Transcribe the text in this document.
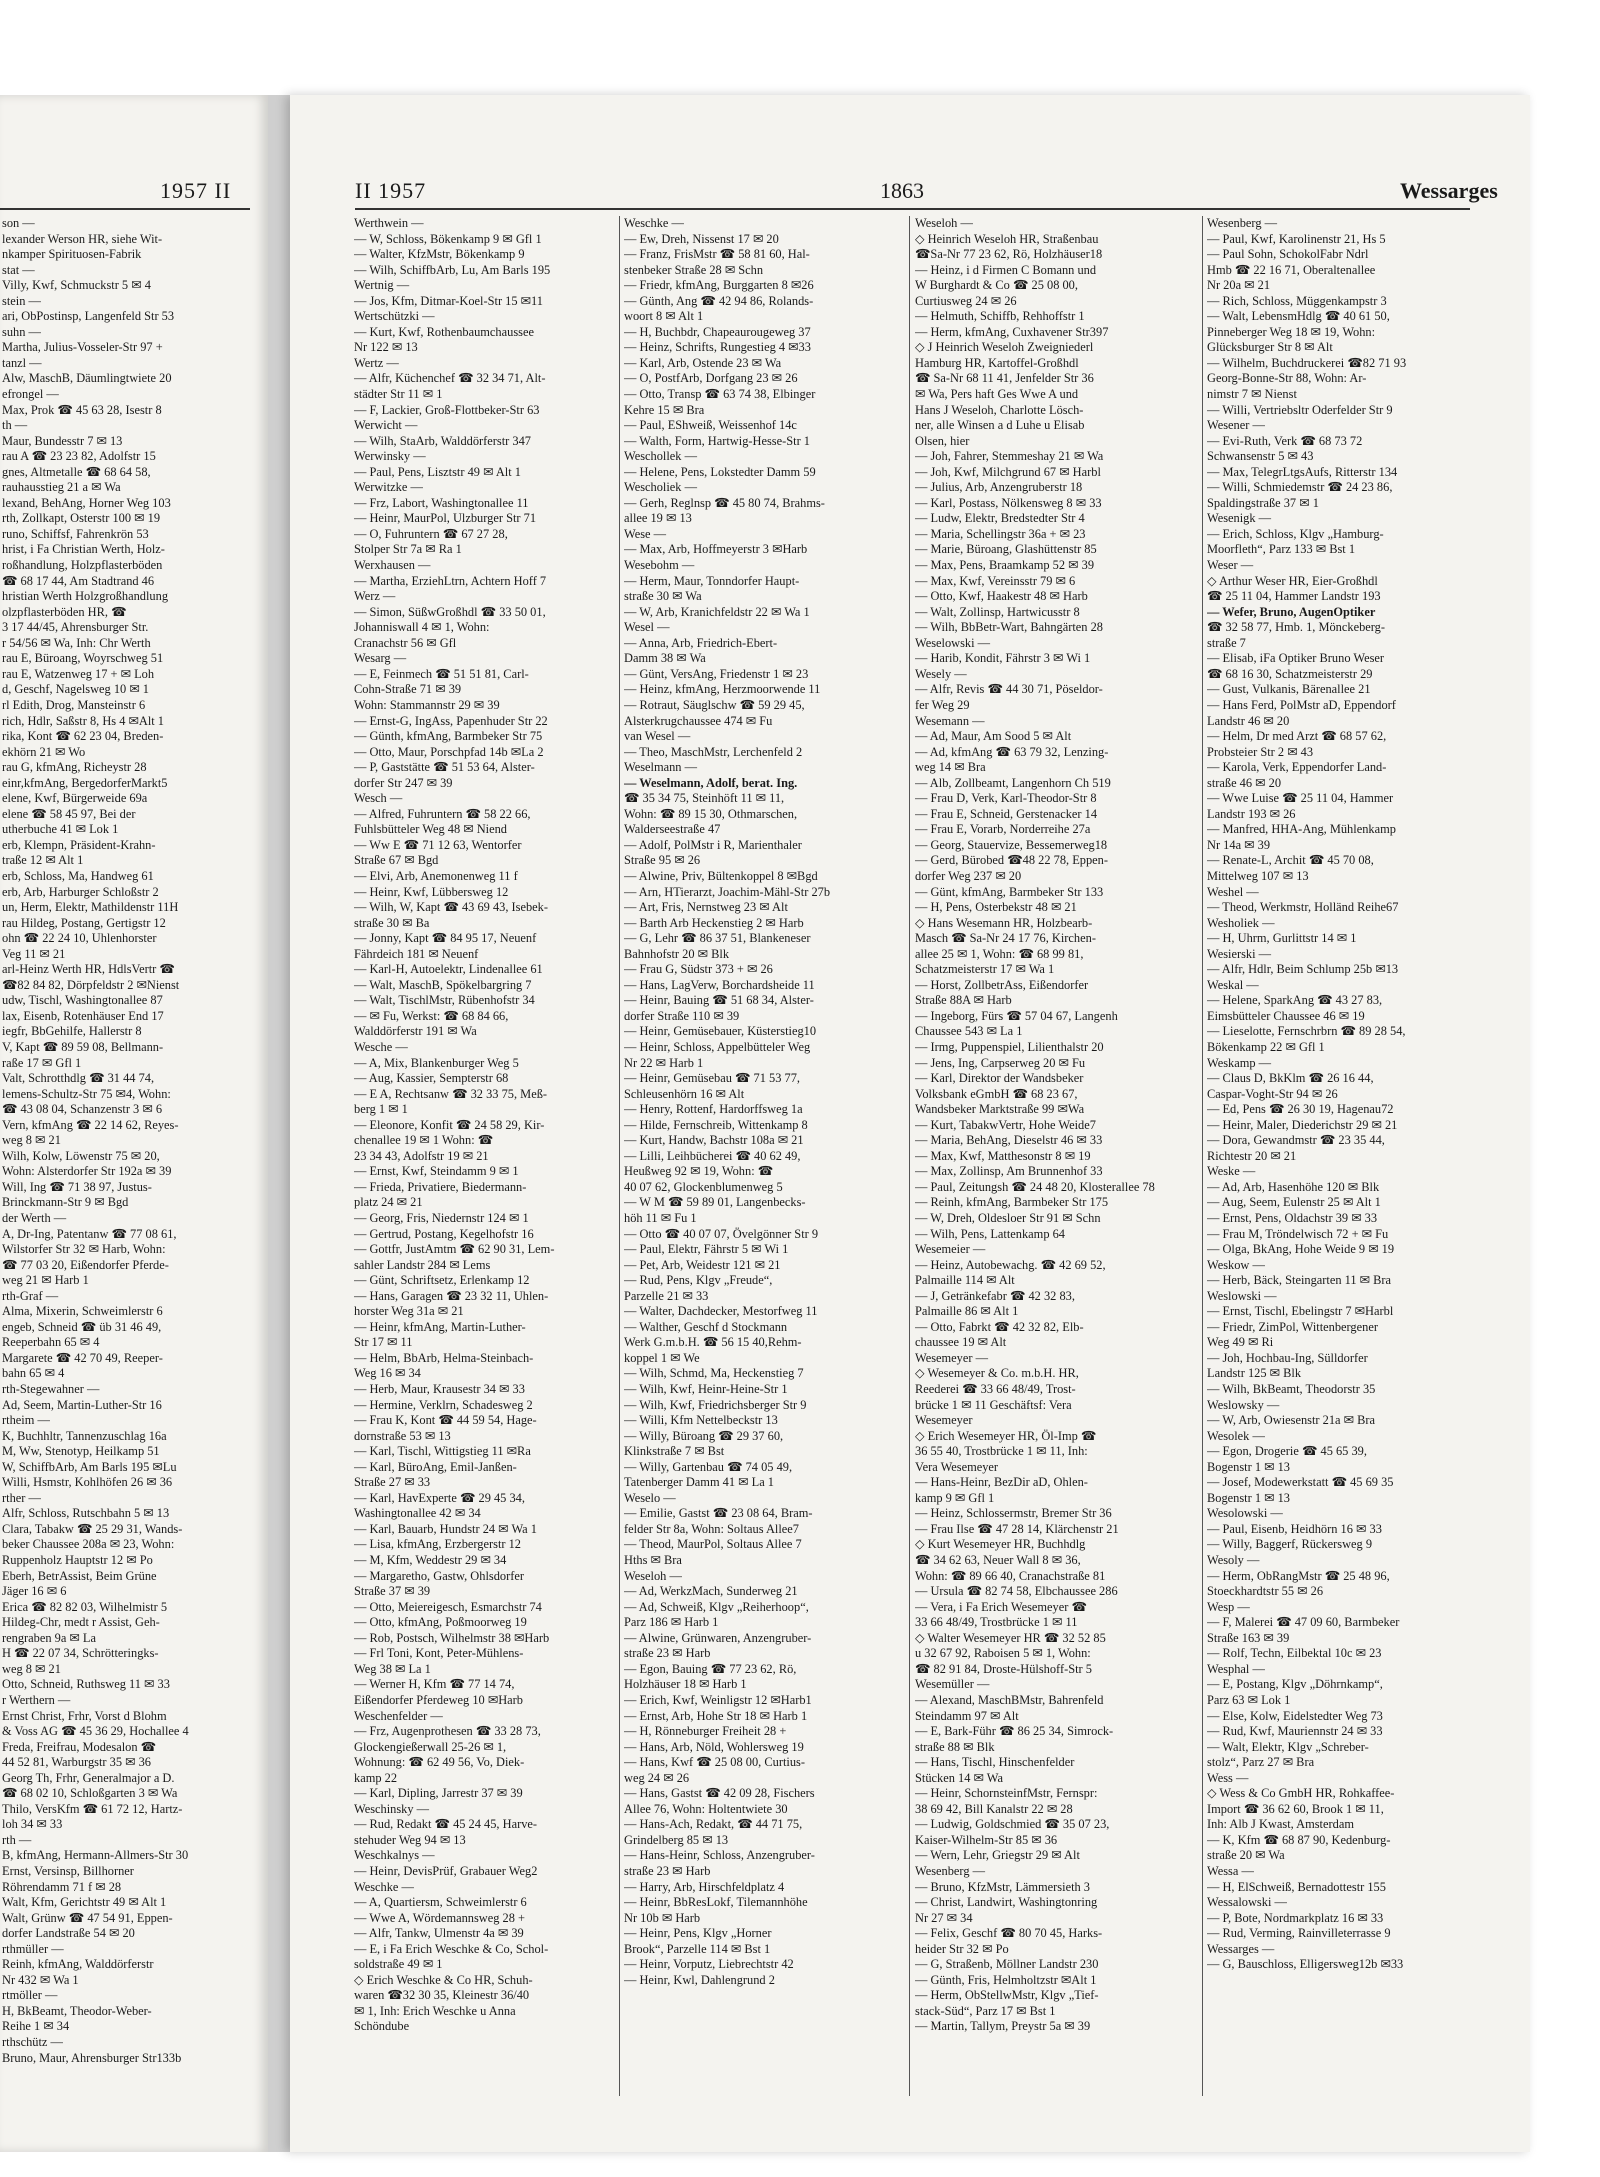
1957 II	II 1957	1863	Wessarges
son —
lexander Werson HR, siehe Wit-
nkamper Spirituosen-Fabrik
stat —
Villy, Kwf, Schmuckstr 5 ✉ 4
stein —
ari, ObPostinsp, Langenfeld Str 53
suhn —
Martha, Julius-Vosseler-Str 97 +
tanzl —
Alw, MaschB, Däumlingtwiete 20
efrongel —
Max, Prok ☎ 45 63 28, Isestr 8
th —
Maur, Bundesstr 7 ✉ 13
rau A ☎ 23 23 82, Adolfstr 15
gnes, Altmetalle ☎ 68 64 58,
rauhausstieg 21 a ✉ Wa
lexand, BehAng, Horner Weg 103
rth, Zollkapt, Osterstr 100 ✉ 19
runo, Schiffsf, Fahrenkrön 53
hrist, i Fa Christian Werth, Holz-
roßhandlung, Holzpflasterböden
☎ 68 17 44, Am Stadtrand 46
hristian Werth Holzgroßhandlung
olzpflasterböden HR, ☎
3 17 44/45, Ahrensburger Str.
r 54/56 ✉ Wa, Inh: Chr Werth
rau E, Büroang, Woyrschweg 51
rau E, Watzenweg 17 + ✉ Loh
d, Geschf, Nagelsweg 10 ✉ 1
rl Edith, Drog, Mansteinstr 6
rich, Hdlr, Saßstr 8, Hs 4 ✉Alt 1
rika, Kont ☎ 62 23 04, Breden-
ekhörn 21 ✉ Wo
rau G, kfmAng, Richeystr 28
einr,kfmAng, BergedorferMarkt5
elene, Kwf, Bürgerweide 69a
elene ☎ 58 45 97, Bei der
utherbuche 41 ✉ Lok 1
erb, Klempn, Präsident-Krahn-
traße 12 ✉ Alt 1
erb, Schloss, Ma, Handweg 61
erb, Arb, Harburger Schloßstr 2
un, Herm, Elektr, Mathildenstr 11H
rau Hildeg, Postang, Gertigstr 12
ohn ☎ 22 24 10, Uhlenhorster
Veg 11 ✉ 21
arl-Heinz Werth HR, HdlsVertr ☎
☎82 84 82, Dörpfeldstr 2 ✉Nienst
udw, Tischl, Washingtonallee 87
lax, Eisenb, Rotenhäuser End 17
iegfr, BbGehilfe, Hallerstr 8
V, Kapt ☎ 89 59 08, Bellmann-
raße 17 ✉ Gfl 1
Valt, Schrotthdlg ☎ 31 44 74,
lemens-Schultz-Str 75 ✉4, Wohn:
☎ 43 08 04, Schanzenstr 3 ✉ 6
Vern, kfmAng ☎ 22 14 62, Reyes-
weg 8 ✉ 21
Wilh, Kolw, Löwenstr 75 ✉ 20,
Wohn: Alsterdorfer Str 192a ✉ 39
Will, Ing ☎ 71 38 97, Justus-
Brinckmann-Str 9 ✉ Bgd
der Werth —
A, Dr-Ing, Patentanw ☎ 77 08 61,
Wilstorfer Str 32 ✉ Harb, Wohn:
☎ 77 03 20, Eißendorfer Pferde-
weg 21 ✉ Harb 1
rth-Graf —
Alma, Mixerin, Schweimlerstr 6
engeb, Schneid ☎ üb 31 46 49,
Reeperbahn 65 ✉ 4
Margarete ☎ 42 70 49, Reeper-
bahn 65 ✉ 4
rth-Stegewahner —
Ad, Seem, Martin-Luther-Str 16
rtheim —
K, Buchhltr, Tannenzuschlag 16a
M, Ww, Stenotyp, Heilkamp 51
W, SchiffbArb, Am Barls 195 ✉Lu
Willi, Hsmstr, Kohlhöfen 26 ✉ 36
rther —
Alfr, Schloss, Rutschbahn 5 ✉ 13
Clara, Tabakw ☎ 25 29 31, Wands-
beker Chaussee 208a ✉ 23, Wohn:
Ruppenholz Hauptstr 12 ✉ Po
Eberh, BetrAssist, Beim Grüne
Jäger 16 ✉ 6
Erica ☎ 82 82 03, Wilhelmistr 5
Hildeg-Chr, medt r Assist, Geh-
rengraben 9a ✉ La
H ☎ 22 07 34, Schrötteringks-
weg 8 ✉ 21
Otto, Schneid, Ruthsweg 11 ✉ 33
r Werthern —
Ernst Christ, Frhr, Vorst d Blohm
& Voss AG ☎ 45 36 29, Hochallee 4
Freda, Freifrau, Modesalon ☎
44 52 81, Warburgstr 35 ✉ 36
Georg Th, Frhr, Generalmajor a D.
☎ 68 02 10, Schloßgarten 3 ✉ Wa
Thilo, VersKfm ☎ 61 72 12, Hartz-
loh 34 ✉ 33
rth —
B, kfmAng, Hermann-Allmers-Str 30
Ernst, Versinsp, Billhorner
Röhrendamm 71 f ✉ 28
Walt, Kfm, Gerichtstr 49 ✉ Alt 1
Walt, Grünw ☎ 47 54 91, Eppen-
dorfer Landstraße 54 ✉ 20
rthmüller —
Reinh, kfmAng, Walddörferstr
Nr 432 ✉ Wa 1
rtmöller —
H, BkBeamt, Theodor-Weber-
Reihe 1 ✉ 34
rthschütz —
Bruno, Maur, Ahrensburger Str133b
Werthwein —
— W, Schloss, Bökenkamp 9 ✉ Gfl 1
— Walter, KfzMstr, Bökenkamp 9
— Wilh, SchiffbArb, Lu, Am Barls 195
Wertnig —
— Jos, Kfm, Ditmar-Koel-Str 15 ✉11
Wertschützki —
— Kurt, Kwf, Rothenbaumchaussee
Nr 122 ✉ 13
Wertz —
— Alfr, Küchenchef ☎ 32 34 71, Alt-
städter Str 11 ✉ 1
— F, Lackier, Groß-Flottbeker-Str 63
Werwicht —
— Wilh, StaArb, Walddörferstr 347
Werwinsky —
— Paul, Pens, Lisztstr 49 ✉ Alt 1
Werwitzke —
— Frz, Labort, Washingtonallee 11
— Heinr, MaurPol, Ulzburger Str 71
— O, Fuhruntern ☎ 67 27 28,
Stolper Str 7a ✉ Ra 1
Werxhausen —
— Martha, ErziehLtrn, Achtern Hoff 7
Werz —
— Simon, SüßwGroßhdl ☎ 33 50 01,
Johanniswall 4 ✉ 1, Wohn:
Cranachstr 56 ✉ Gfl
Wesarg —
— E, Feinmech ☎ 51 51 81, Carl-
Cohn-Straße 71 ✉ 39
Wohn: Stammannstr 29 ✉ 39
— Ernst-G, IngAss, Papenhuder Str 22
— Günth, kfmAng, Barmbeker Str 75
— Otto, Maur, Porschpfad 14b ✉La 2
— P, Gaststätte ☎ 51 53 64, Alster-
dorfer Str 247 ✉ 39
Wesch —
— Alfred, Fuhruntern ☎ 58 22 66,
Fuhlsbütteler Weg 48 ✉ Niend
— Ww E ☎ 71 12 63, Wentorfer
Straße 67 ✉ Bgd
— Elvi, Arb, Anemonenweg 11 f
— Heinr, Kwf, Lübbersweg 12
— Wilh, W, Kapt ☎ 43 69 43, Isebek-
straße 30 ✉ Ba
— Jonny, Kapt ☎ 84 95 17, Neuenf
Fährdeich 181 ✉ Neuenf
— Karl-H, Autoelektr, Lindenallee 61
— Walt, MaschB, Spökelbargring 7
— Walt, TischlMstr, Rübenhofstr 34
— ✉ Fu, Werkst: ☎ 68 84 66,
Walddörferstr 191 ✉ Wa
Wesche —
— A, Mix, Blankenburger Weg 5
— Aug, Kassier, Sempterstr 68
— E A, Rechtsanw ☎ 32 33 75, Meß-
berg 1 ✉ 1
— Eleonore, Konfit ☎ 24 58 29, Kir-
chenallee 19 ✉ 1 Wohn: ☎
23 34 43, Adolfstr 19 ✉ 21
— Ernst, Kwf, Steindamm 9 ✉ 1
— Frieda, Privatiere, Biedermann-
platz 24 ✉ 21
— Georg, Fris, Niedernstr 124 ✉ 1
— Gertrud, Postang, Kegelhofstr 16
— Gottfr, JustAmtm ☎ 62 90 31, Lem-
sahler Landstr 284 ✉ Lems
— Günt, Schriftsetz, Erlenkamp 12
— Hans, Garagen ☎ 23 32 11, Uhlen-
horster Weg 31a ✉ 21
— Heinr, kfmAng, Martin-Luther-
Str 17 ✉ 11
— Helm, BbArb, Helma-Steinbach-
Weg 16 ✉ 34
— Herb, Maur, Krausestr 34 ✉ 33
— Hermine, Verklrn, Schadesweg 2
— Frau K, Kont ☎ 44 59 54, Hage-
dornstraße 53 ✉ 13
— Karl, Tischl, Wittigstieg 11 ✉Ra
— Karl, BüroAng, Emil-Janßen-
Straße 27 ✉ 33
— Karl, HavExperte ☎ 29 45 34,
Washingtonallee 42 ✉ 34
— Karl, Bauarb, Hundstr 24 ✉ Wa 1
— Lisa, kfmAng, Erzbergerstr 12
— M, Kfm, Weddestr 29 ✉ 34
— Margaretho, Gastw, Ohlsdorfer
Straße 37 ✉ 39
— Otto, Meiereigesch, Esmarchstr 74
— Otto, kfmAng, Poßmoorweg 19
— Rob, Postsch, Wilhelmstr 38 ✉Harb
— Frl Toni, Kont, Peter-Mühlens-
Weg 38 ✉ La 1
— Werner H, Kfm ☎ 77 14 74,
Eißendorfer Pferdeweg 10 ✉Harb
Weschenfelder —
— Frz, Augenprothesen ☎ 33 28 73,
Glockengießerwall 25-26 ✉ 1,
Wohnung: ☎ 62 49 56, Vo, Diek-
kamp 22
— Karl, Dipling, Jarrestr 37 ✉ 39
Weschinsky —
— Rud, Redakt ☎ 45 24 45, Harve-
stehuder Weg 94 ✉ 13
Weschkalnys —
— Heinr, DevisPrüf, Grabauer Weg2
Weschke —
— A, Quartiersm, Schweimlerstr 6
— Wwe A, Wördemannsweg 28 +
— Alfr, Tankw, Ulmenstr 4a ✉ 39
— E, i Fa Erich Weschke & Co, Schol-
soldstraße 49 ✉ 1
◇ Erich Weschke & Co HR, Schuh-
waren ☎32 30 35, Kleinestr 36/40
✉ 1, Inh: Erich Weschke u Anna
Schöndube
Weschke —
— Ew, Dreh, Nissenst 17 ✉ 20
— Franz, FrisMstr ☎ 58 81 60, Hal-
stenbeker Straße 28 ✉ Schn
— Friedr, kfmAng, Burggarten 8 ✉26
— Günth, Ang ☎ 42 94 86, Rolands-
woort 8 ✉ Alt 1
— H, Buchbdr, Chapeaurougeweg 37
— Heinz, Schrifts, Rungestieg 4 ✉33
— Karl, Arb, Ostende 23 ✉ Wa
— O, PostfArb, Dorfgang 23 ✉ 26
— Otto, Transp ☎ 63 74 38, Elbinger
Kehre 15 ✉ Bra
— Paul, EShweiß, Weissenhof 14c
— Walth, Form, Hartwig-Hesse-Str 1
Weschollek —
— Helene, Pens, Lokstedter Damm 59
Wescholiek —
— Gerh, Reglnsp ☎ 45 80 74, Brahms-
allee 19 ✉ 13
Wese —
— Max, Arb, Hoffmeyerstr 3 ✉Harb
Wesebohm —
— Herm, Maur, Tonndorfer Haupt-
straße 30 ✉ Wa
— W, Arb, Kranichfeldstr 22 ✉ Wa 1
Wesel —
— Anna, Arb, Friedrich-Ebert-
Damm 38 ✉ Wa
— Günt, VersAng, Friedenstr 1 ✉ 23
— Heinz, kfmAng, Herzmoorwende 11
— Rotraut, Säuglschw ☎ 59 29 45,
Alsterkrugchaussee 474 ✉ Fu
van Wesel —
— Theo, MaschMstr, Lerchenfeld 2
Weselmann —
— Weselmann, Adolf, berat. Ing.
☎ 35 34 75, Steinhöft 11 ✉ 11,
Wohn: ☎ 89 15 30, Othmarschen,
Walderseestraße 47
— Adolf, PolMstr i R, Marienthaler
Straße 95 ✉ 26
— Alwine, Priv, Bültenkoppel 8 ✉Bgd
— Arn, HTierarzt, Joachim-Mähl-Str 27b
— Art, Fris, Nernstweg 23 ✉ Alt
— Barth Arb Heckenstieg 2 ✉ Harb
— G, Lehr ☎ 86 37 51, Blankeneser
Bahnhofstr 20 ✉ Blk
— Frau G, Südstr 373 + ✉ 26
— Hans, LagVerw, Borchardsheide 11
— Heinr, Bauing ☎ 51 68 34, Alster-
dorfer Straße 110 ✉ 39
— Heinr, Gemüsebauer, Küsterstieg10
— Heinr, Schloss, Appelbütteler Weg
Nr 22 ✉ Harb 1
— Heinr, Gemüsebau ☎ 71 53 77,
Schleusenhörn 16 ✉ Alt
— Henry, Rottenf, Hardorffsweg 1a
— Hilde, Fernschreib, Wittenkamp 8
— Kurt, Handw, Bachstr 108a ✉ 21
— Lilli, Leihbücherei ☎ 40 62 49,
Heußweg 92 ✉ 19, Wohn: ☎
40 07 62, Glockenblumenweg 5
— W M ☎ 59 89 01, Langenbecks-
höh 11 ✉ Fu 1
— Otto ☎ 40 07 07, Övelgönner Str 9
— Paul, Elektr, Fährstr 5 ✉ Wi 1
— Pet, Arb, Weidestr 121 ✉ 21
— Rud, Pens, Klgv „Freude“,
Parzelle 21 ✉ 33
— Walter, Dachdecker, Mestorfweg 11
— Walther, Geschf d Stockmann
Werk G.m.b.H. ☎ 56 15 40,Rehm-
koppel 1 ✉ We
— Wilh, Schmd, Ma, Heckenstieg 7
— Wilh, Kwf, Heinr-Heine-Str 1
— Wilh, Kwf, Friedrichsberger Str 9
— Willi, Kfm Nettelbeckstr 13
— Willy, Büroang ☎ 29 37 60,
Klinkstraße 7 ✉ Bst
— Willy, Gartenbau ☎ 74 05 49,
Tatenberger Damm 41 ✉ La 1
Weselo —
— Emilie, Gastst ☎ 23 08 64, Bram-
felder Str 8a, Wohn: Soltaus Allee7
— Theod, MaurPol, Soltaus Allee 7
Hths ✉ Bra
Weseloh —
— Ad, WerkzMach, Sunderweg 21
— Ad, Schweiß, Klgv „Reiherhoop“,
Parz 186 ✉ Harb 1
— Alwine, Grünwaren, Anzengruber-
straße 23 ✉ Harb
— Egon, Bauing ☎ 77 23 62, Rö,
Holzhäuser 18 ✉ Harb 1
— Erich, Kwf, Weinligstr 12 ✉Harb1
— Ernst, Arb, Hohe Str 18 ✉ Harb 1
— H, Rönneburger Freiheit 28 +
— Hans, Arb, Nöld, Wohlersweg 19
— Hans, Kwf ☎ 25 08 00, Curtius-
weg 24 ✉ 26
— Hans, Gastst ☎ 42 09 28, Fischers
Allee 76, Wohn: Holtentwiete 30
— Hans-Ach, Redakt, ☎ 44 71 75,
Grindelberg 85 ✉ 13
— Hans-Heinr, Schloss, Anzengruber-
straße 23 ✉ Harb
— Harry, Arb, Hirschfeldplatz 4
— Heinr, BbResLokf, Tilemannhöhe
Nr 10b ✉ Harb
— Heinr, Pens, Klgv „Horner
Brook“, Parzelle 114 ✉ Bst 1
— Heinr, Vorputz, Liebrechtstr 42
— Heinr, Kwl, Dahlengrund 2
Weseloh —
◇ Heinrich Weseloh HR, Straßenbau
☎Sa-Nr 77 23 62, Rö, Holzhäuser18
— Heinz, i d Firmen C Bomann und
W Burghardt & Co ☎ 25 08 00,
Curtiusweg 24 ✉ 26
— Helmuth, Schiffb, Rehhoffstr 1
— Herm, kfmAng, Cuxhavener Str397
◇ J Heinrich Weseloh Zweigniederl
Hamburg HR, Kartoffel-Großhdl
☎ Sa-Nr 68 11 41, Jenfelder Str 36
✉ Wa, Pers haft Ges Wwe A und
Hans J Weseloh, Charlotte Lösch-
ner, alle Winsen a d Luhe u Elisab
Olsen, hier
— Joh, Fahrer, Stemmeshay 21 ✉ Wa
— Joh, Kwf, Milchgrund 67 ✉ Harbl
— Julius, Arb, Anzengruberstr 18
— Karl, Postass, Nölkensweg 8 ✉ 33
— Ludw, Elektr, Bredstedter Str 4
— Maria, Schellingstr 36a + ✉ 23
— Marie, Büroang, Glashüttenstr 85
— Max, Pens, Braamkamp 52 ✉ 39
— Max, Kwf, Vereinsstr 79 ✉ 6
— Otto, Kwf, Haakestr 48 ✉ Harb
— Walt, Zollinsp, Hartwicusstr 8
— Wilh, BbBetr-Wart, Bahngärten 28
Weselowski —
— Harib, Kondit, Fährstr 3 ✉ Wi 1
Wesely —
— Alfr, Revis ☎ 44 30 71, Pöseldor-
fer Weg 29
Wesemann —
— Ad, Maur, Am Sood 5 ✉ Alt
— Ad, kfmAng ☎ 63 79 32, Lenzing-
weg 14 ✉ Bra
— Alb, Zollbeamt, Langenhorn Ch 519
— Frau D, Verk, Karl-Theodor-Str 8
— Frau E, Schneid, Gerstenacker 14
— Frau E, Vorarb, Norderreihe 27a
— Georg, Stauervize, Bessemerweg18
— Gerd, Bürobed ☎48 22 78, Eppen-
dorfer Weg 237 ✉ 20
— Günt, kfmAng, Barmbeker Str 133
— H, Pens, Osterbekstr 48 ✉ 21
◇ Hans Wesemann HR, Holzbearb-
Masch ☎ Sa-Nr 24 17 76, Kirchen-
allee 25 ✉ 1, Wohn: ☎ 68 99 81,
Schatzmeisterstr 17 ✉ Wa 1
— Horst, ZollbetrAss, Eißendorfer
Straße 88A ✉ Harb
— Ingeborg, Fürs ☎ 57 04 67, Langenh
Chaussee 543 ✉ La 1
— Irmg, Puppenspiel, Lilienthalstr 20
— Jens, Ing, Carpserweg 20 ✉ Fu
— Karl, Direktor der Wandsbeker
Volksbank eGmbH ☎ 68 23 67,
Wandsbeker Marktstraße 99 ✉Wa
— Kurt, TabakwVertr, Hohe Weide7
— Maria, BehAng, Dieselstr 46 ✉ 33
— Max, Kwf, Matthesonstr 8 ✉ 19
— Max, Zollinsp, Am Brunnenhof 33
— Paul, Zeitungsh ☎ 24 48 20, Klosterallee 78
— Reinh, kfmAng, Barmbeker Str 175
— W, Dreh, Oldesloer Str 91 ✉ Schn
— Wilh, Pens, Lattenkamp 64
Wesemeier —
— Heinz, Autobewachg. ☎ 42 69 52,
Palmaille 114 ✉ Alt
— J, Getränkefabr ☎ 42 32 83,
Palmaille 86 ✉ Alt 1
— Otto, Fabrkt ☎ 42 32 82, Elb-
chaussee 19 ✉ Alt
Wesemeyer —
◇ Wesemeyer & Co. m.b.H. HR,
Reederei ☎ 33 66 48/49, Trost-
brücke 1 ✉ 11 Geschäftsf: Vera
Wesemeyer
◇ Erich Wesemeyer HR, Öl-Imp ☎
36 55 40, Trostbrücke 1 ✉ 11, Inh:
Vera Wesemeyer
— Hans-Heinr, BezDir aD, Ohlen-
kamp 9 ✉ Gfl 1
— Heinz, Schlossermstr, Bremer Str 36
— Frau Ilse ☎ 47 28 14, Klärchenstr 21
◇ Kurt Wesemeyer HR, Buchhdlg
☎ 34 62 63, Neuer Wall 8 ✉ 36,
Wohn: ☎ 89 66 40, Cranachstraße 81
— Ursula ☎ 82 74 58, Elbchaussee 286
— Vera, i Fa Erich Wesemeyer ☎
33 66 48/49, Trostbrücke 1 ✉ 11
◇ Walter Wesemeyer HR ☎ 32 52 85
u 32 67 92, Raboisen 5 ✉ 1, Wohn:
☎ 82 91 84, Droste-Hülshoff-Str 5
Wesemüller —
— Alexand, MaschBMstr, Bahrenfeld
Steindamm 97 ✉ Alt
— E, Bark-Führ ☎ 86 25 34, Simrock-
straße 88 ✉ Blk
— Hans, Tischl, Hinschenfelder
Stücken 14 ✉ Wa
— Heinr, SchornsteinfMstr, Fernspr:
38 69 42, Bill Kanalstr 22 ✉ 28
— Ludwig, Goldschmied ☎ 35 07 23,
Kaiser-Wilhelm-Str 85 ✉ 36
— Wern, Lehr, Griegstr 29 ✉ Alt
Wesenberg —
— Bruno, KfzMstr, Lämmersieth 3
— Christ, Landwirt, Washingtonring
Nr 27 ✉ 34
— Felix, Geschf ☎ 80 70 45, Harks-
heider Str 32 ✉ Po
— G, Straßenb, Möllner Landstr 230
— Günth, Fris, Helmholtzstr ✉Alt 1
— Herm, ObStellwMstr, Klgv „Tief-
stack-Süd“, Parz 17 ✉ Bst 1
— Martin, Tallym, Preystr 5a ✉ 39
Wesenberg —
— Paul, Kwf, Karolinenstr 21, Hs 5
— Paul Sohn, SchokolFabr Ndrl
Hmb ☎ 22 16 71, Oberaltenallee
Nr 20a ✉ 21
— Rich, Schloss, Müggenkampstr 3
— Walt, LebensmHdlg ☎ 40 61 50,
Pinneberger Weg 18 ✉ 19, Wohn:
Glücksburger Str 8 ✉ Alt
— Wilhelm, Buchdruckerei ☎82 71 93
Georg-Bonne-Str 88, Wohn: Ar-
nimstr 7 ✉ Nienst
— Willi, Vertriebsltr Oderfelder Str 9
Wesener —
— Evi-Ruth, Verk ☎ 68 73 72
Schwansenstr 5 ✉ 43
— Max, TelegrLtgsAufs, Ritterstr 134
— Willi, Schmiedemstr ☎ 24 23 86,
Spaldingstraße 37 ✉ 1
Wesenigk —
— Erich, Schloss, Klgv „Hamburg-
Moorfleth“, Parz 133 ✉ Bst 1
Weser —
◇ Arthur Weser HR, Eier-Großhdl
☎ 25 11 04, Hammer Landstr 193
— Wefer, Bruno, AugenOptiker
☎ 32 58 77, Hmb. 1, Mönckeberg-
straße 7
— Elisab, iFa Optiker Bruno Weser
☎ 68 16 30, Schatzmeisterstr 29
— Gust, Vulkanis, Bärenallee 21
— Hans Ferd, PolMstr aD, Eppendorf
Landstr 46 ✉ 20
— Helm, Dr med Arzt ☎ 68 57 62,
Probsteier Str 2 ✉ 43
— Karola, Verk, Eppendorfer Land-
straße 46 ✉ 20
— Wwe Luise ☎ 25 11 04, Hammer
Landstr 193 ✉ 26
— Manfred, HHA-Ang, Mühlenkamp
Nr 14a ✉ 39
— Renate-L, Archit ☎ 45 70 08,
Mittelweg 107 ✉ 13
Weshel —
— Theod, Werkmstr, Holländ Reihe67
Wesholiek —
— H, Uhrm, Gurlittstr 14 ✉ 1
Wesierski —
— Alfr, Hdlr, Beim Schlump 25b ✉13
Weskal —
— Helene, SparkAng ☎ 43 27 83,
Eimsbütteler Chaussee 46 ✉ 19
— Lieselotte, Fernschrbrn ☎ 89 28 54,
Bökenkamp 22 ✉ Gfl 1
Weskamp —
— Claus D, BkKlm ☎ 26 16 44,
Caspar-Voght-Str 94 ✉ 26
— Ed, Pens ☎ 26 30 19, Hagenau72
— Heinr, Maler, Diederichstr 29 ✉ 21
— Dora, Gewandmstr ☎ 23 35 44,
Richtestr 20 ✉ 21
Weske —
— Ad, Arb, Hasenhöhe 120 ✉ Blk
— Aug, Seem, Eulenstr 25 ✉ Alt 1
— Ernst, Pens, Oldachstr 39 ✉ 33
— Frau M, Tröndelwisch 72 + ✉ Fu
— Olga, BkAng, Hohe Weide 9 ✉ 19
Weskow —
— Herb, Bäck, Steingarten 11 ✉ Bra
Weslowski —
— Ernst, Tischl, Ebelingstr 7 ✉Harbl
— Friedr, ZimPol, Wittenbergener
Weg 49 ✉ Ri
— Joh, Hochbau-Ing, Sülldorfer
Landstr 125 ✉ Blk
— Wilh, BkBeamt, Theodorstr 35
Weslowsky —
— W, Arb, Owiesenstr 21a ✉ Bra
Wesolek —
— Egon, Drogerie ☎ 45 65 39,
Bogenstr 1 ✉ 13
— Josef, Modewerkstatt ☎ 45 69 35
Bogenstr 1 ✉ 13
Wesolowski —
— Paul, Eisenb, Heidhörn 16 ✉ 33
— Willy, Baggerf, Rückersweg 9
Wesoly —
— Herm, ObRangMstr ☎ 25 48 96,
Stoeckhardtstr 55 ✉ 26
Wesp —
— F, Malerei ☎ 47 09 60, Barmbeker
Straße 163 ✉ 39
— Rolf, Techn, Eilbektal 10c ✉ 23
Wesphal —
— E, Postang, Klgv „Döhrnkamp“,
Parz 63 ✉ Lok 1
— Else, Kolw, Eidelstedter Weg 73
— Rud, Kwf, Mauriennstr 24 ✉ 33
— Walt, Elektr, Klgv „Schreber-
stolz“, Parz 27 ✉ Bra
Wess —
◇ Wess & Co GmbH HR, Rohkaffee-
Import ☎ 36 62 60, Brook 1 ✉ 11,
Inh: Alb J Kwast, Amsterdam
— K, Kfm ☎ 68 87 90, Kedenburg-
straße 20 ✉ Wa
Wessa —
— H, ElSchweiß, Bernadottestr 155
Wessalowski —
— P, Bote, Nordmarkplatz 16 ✉ 33
— Rud, Verming, Rainvilleterrasse 9
Wessarges —
— G, Bauschloss, Elligersweg12b ✉33
